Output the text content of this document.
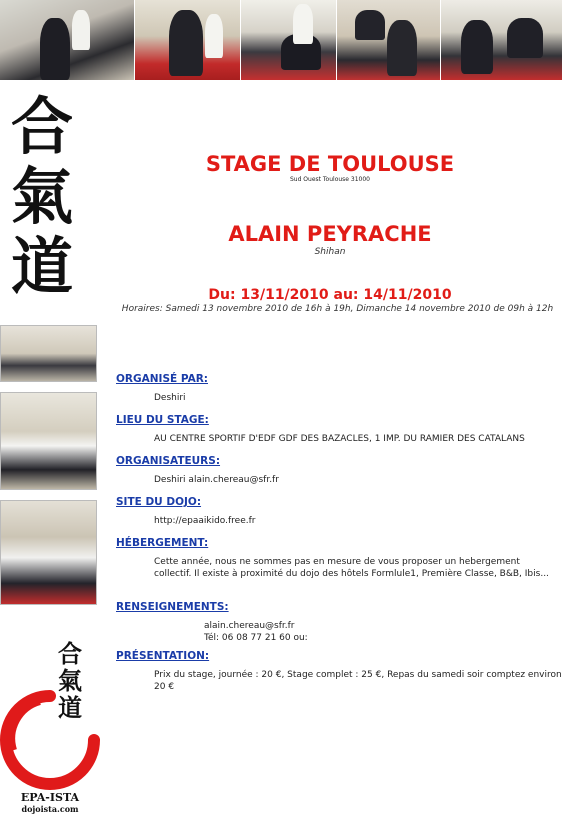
合
氣
道
STAGE DE TOULOUSE
Sud Ouest Toulouse 31000
ALAIN PEYRACHE
Shihan
Du: 13/11/2010 au: 14/11/2010
Horaires: Samedi 13 novembre 2010 de 16h à 19h, Dimanche 14 novembre 2010 de 09h à 12h
ORGANISÉ PAR:
Deshiri
LIEU DU STAGE:
AU CENTRE SPORTIF D'EDF GDF DES BAZACLES, 1 IMP. DU RAMIER DES CATALANS
ORGANISATEURS:
Deshiri alain.chereau@sfr.fr
SITE DU DOJO:
http://epaaikido.free.fr
HÉBERGEMENT:
Cette année, nous ne sommes pas en mesure de vous proposer un hebergement collectif. Il existe à proximité du dojo des hôtels Formlule1, Première Classe, B&B, Ibis...
RENSEIGNEMENTS:
alain.chereau@sfr.fr
Tél: 06 08 77 21 60 ou:
PRÉSENTATION:
Prix du stage, journée : 20 €, Stage complet : 25 €, Repas du samedi soir comptez environ 20 €
合
氣
道
EPA-ISTA
dojoista.com
